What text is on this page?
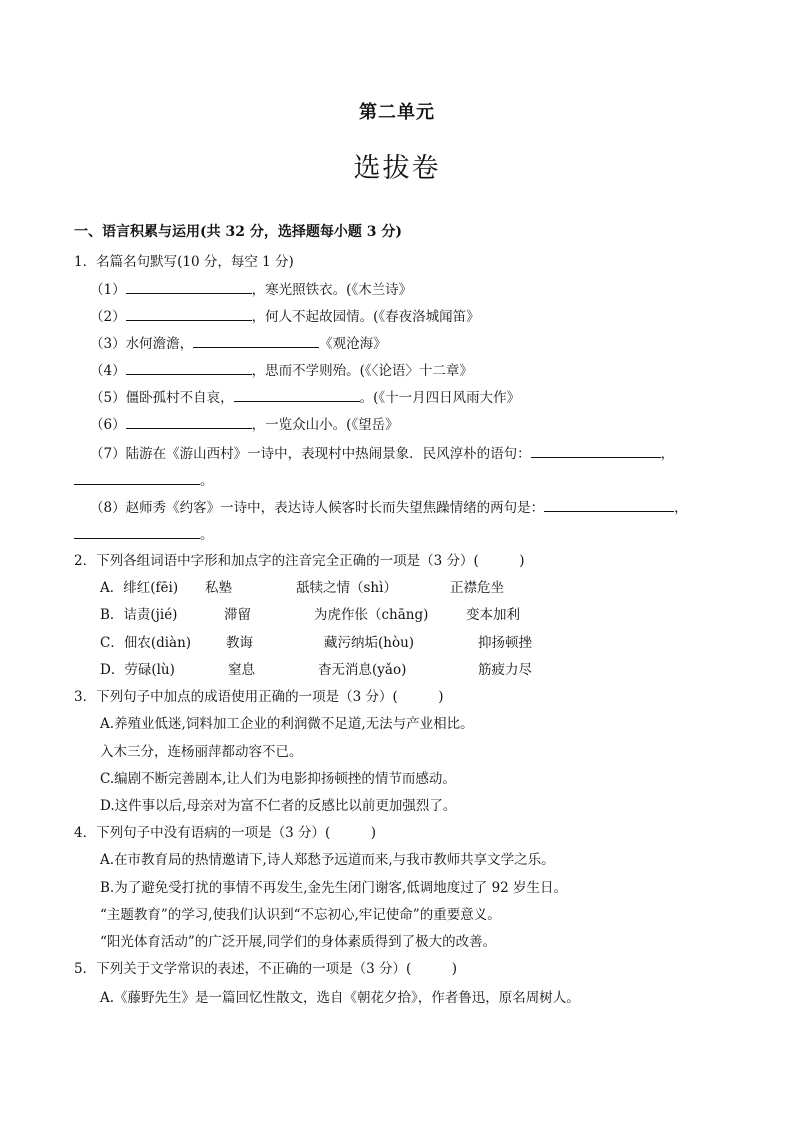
第二单元
选拔卷
一、语言积累与运用(共 32 分，选择题每小题 3 分)
1．名篇名句默写(10 分，每空 1 分)
（1）	，寒光照铁衣。(《木兰诗》
（2）	，何人不起故园情。(《春夜洛城闻笛》
（3）水何澹澹，	《观沧海》
（4）	，思而不学则殆。(《〈论语〉十二章》
（5）僵卧孤村不自哀，	。(《十一月四日风雨大作》
（6）	，一览众山小。(《望岳》
（7）陆游在《游山西村》一诗中，表现村中热闹景象．民风淳朴的语句：	，
。
（8）赵师秀《约客》一诗中，表达诗人候客时长而失望焦躁情绪的两句是：	，
。
2．下列各组词语中字形和加点字的注音完全正确的一项是（3 分）(　　　)
A．绯红(fēi) 私塾	舐犊之情（shì）	正襟危坐
B．诘责(jié)	滞留	为虎作伥（chāng)	变本加利
C．佃农(diàn)	教诲	藏污纳垢(hòu)	抑扬顿挫
D．劳碌(lù)	窒息	杳无消息(yǎo)	筋疲力尽
3．下列句子中加点的成语使用正确的一项是（3 分）(　　　)
A.养殖业低迷,饲料加工企业的利润微不足道,无法与产业相比。
入木三分，连杨丽萍都动容不已。
C.编剧不断完善剧本,让人们为电影抑扬顿挫的情节而感动。
D.这件事以后,母亲对为富不仁者的反感比以前更加强烈了。
4．下列句子中没有语病的一项是（3 分）(　　　)
A.在市教育局的热情邀请下,诗人郑愁予远道而来,与我市教师共享文学之乐。
B.为了避免受打扰的事情不再发生,金先生闭门谢客,低调地度过了 92 岁生日。
“主题教育”的学习,使我们认识到“不忘初心,牢记使命”的重要意义。
“阳光体育活动”的广泛开展,同学们的身体素质得到了极大的改善。
5．下列关于文学常识的表述，不正确的一项是（3 分）(　　　)
A.《藤野先生》是一篇回忆性散文，选自《朝花夕拾》，作者鲁迅，原名周树人。
